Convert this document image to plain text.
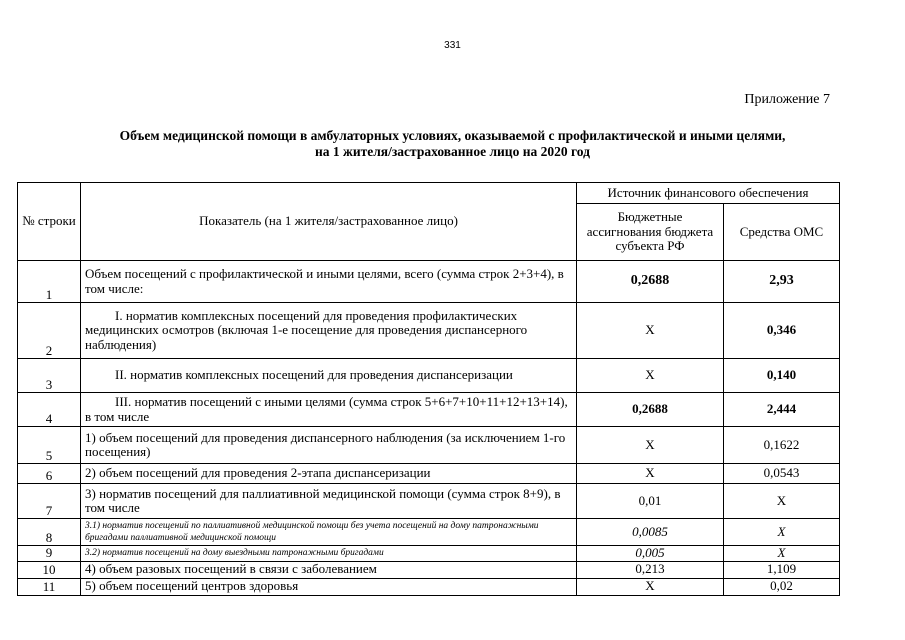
331
Приложение 7
Объем медицинской помощи в амбулаторных условиях, оказываемой с профилактической и иными целями,
на 1 жителя/застрахованное лицо на 2020 год
№ строки	Показатель (на 1 жителя/застрахованное лицо)	Источник финансового обеспечения	
		Бюджетные ассигнования бюджета субъекта РФ	Средства ОМС
1	Объем посещений с профилактической и иными целями, всего (сумма строк 2+3+4), в том числе:	0,2688	2,93
2	I. норматив комплексных посещений для проведения профилактических медицинских осмотров (включая 1-е посещение для проведения диспансерного наблюдения)	Х	0,346
3	II. норматив комплексных посещений для проведения диспансеризации	Х	0,140
4	III. норматив посещений с иными целями (сумма строк 5+6+7+10+11+12+13+14), в том числе	0,2688	2,444
5	1) объем посещений для проведения диспансерного наблюдения (за исключением 1-го посещения)	Х	0,1622
6	2) объем посещений для проведения 2-этапа диспансеризации	Х	0,0543
7	3) норматив посещений для паллиативной медицинской помощи (сумма строк 8+9), в том числе	0,01	Х
8	3.1) норматив посещений по паллиативной медицинской помощи без учета посещений на дому патронажными бригадами паллиативной медицинской помощи	0,0085	Х
9	3.2) норматив посещений на дому выездными патронажными бригадами	0,005	Х
10	4) объем разовых посещений в связи с заболеванием	0,213	1,109
11	5) объем посещений центров здоровья	Х	0,02
